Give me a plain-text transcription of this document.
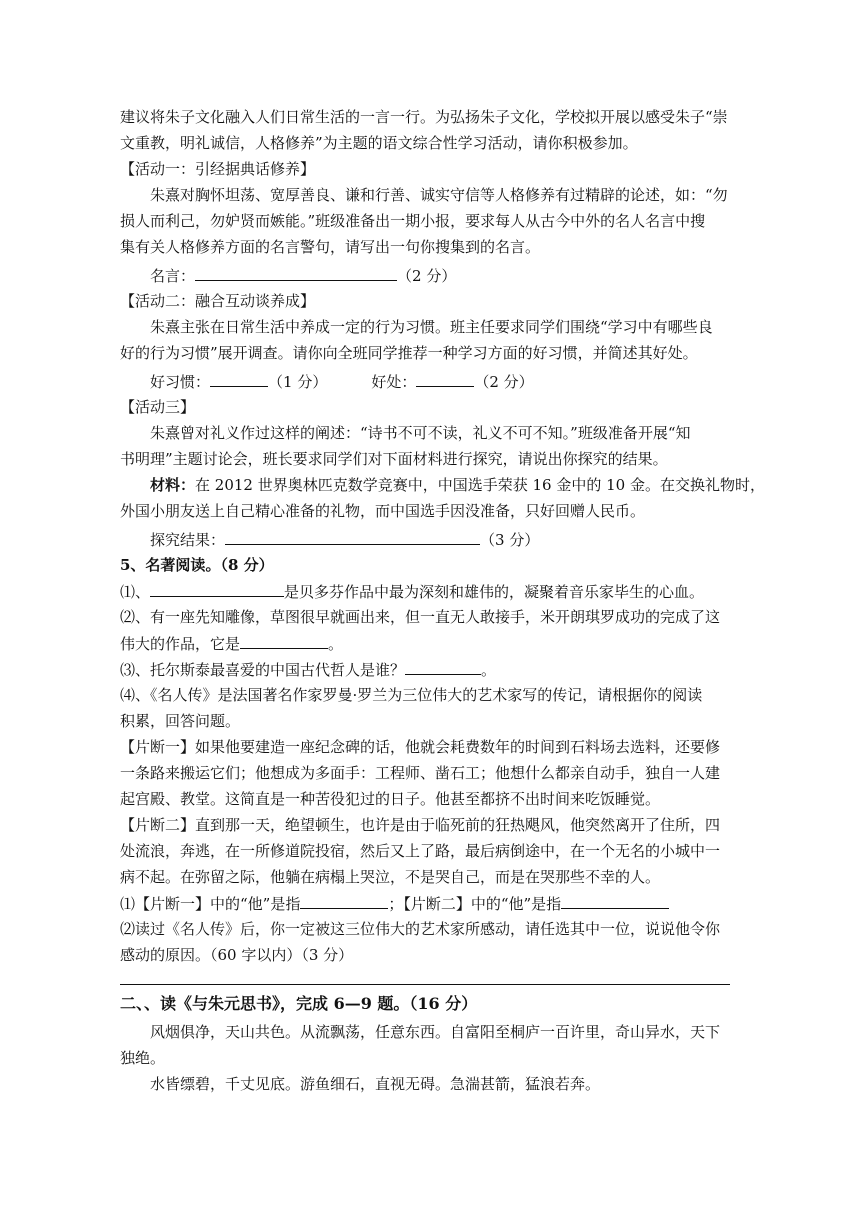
建议将朱子文化融入人们日常生活的一言一行。为弘扬朱子文化，学校拟开展以感受朱子“崇
文重教，明礼诚信，人格修养”为主题的语文综合性学习活动，请你积极参加。
【活动一：引经据典话修养】
朱熹对胸怀坦荡、宽厚善良、谦和行善、诚实守信等人格修养有过精辟的论述，如：“勿
损人而利己，勿妒贤而嫉能。”班级准备出一期小报，要求每人从古今中外的名人名言中搜
集有关人格修养方面的名言警句，请写出一句你搜集到的名言。
名言：	（2 分）
【活动二：融合互动谈养成】
朱熹主张在日常生活中养成一定的行为习惯。班主任要求同学们围绕“学习中有哪些良
好的行为习惯”展开调查。请你向全班同学推荐一种学习方面的好习惯，并简述其好处。
好习惯：	（1 分）	好处：	（2 分）
【活动三】
朱熹曾对礼义作过这样的阐述：“诗书不可不读，礼义不可不知。”班级准备开展“知
书明理”主题讨论会，班长要求同学们对下面材料进行探究，请说出你探究的结果。
材料：在 2012 世界奥林匹克数学竞赛中，中国选手荣获 16 金中的 10 金。在交换礼物时，
外国小朋友送上自己精心准备的礼物，而中国选手因没准备，只好回赠人民币。
探究结果：	（3 分）
5、名著阅读。（8 分）
⑴、	是贝多芬作品中最为深刻和雄伟的，凝聚着音乐家毕生的心血。
⑵、有一座先知雕像，草图很早就画出来，但一直无人敢接手，米开朗琪罗成功的完成了这
伟大的作品，它是	。
⑶、托尔斯泰最喜爱的中国古代哲人是谁？	。
⑷、《名人传》是法国著名作家罗曼·罗兰为三位伟大的艺术家写的传记，请根据你的阅读
积累，回答问题。
【片断一】如果他要建造一座纪念碑的话，他就会耗费数年的时间到石料场去选料，还要修
一条路来搬运它们；他想成为多面手：工程师、凿石工；他想什么都亲自动手，独自一人建
起宫殿、教堂。这简直是一种苦役犯过的日子。他甚至都挤不出时间来吃饭睡觉。
【片断二】直到那一天，绝望顿生，也许是由于临死前的狂热飓风，他突然离开了住所，四
处流浪，奔逃，在一所修道院投宿，然后又上了路，最后病倒途中，在一个无名的小城中一
病不起。在弥留之际，他躺在病榻上哭泣，不是哭自己，而是在哭那些不幸的人。
⑴【片断一】中的“他”是指	；【片断二】中的“他”是指
⑵读过《名人传》后，你一定被这三位伟大的艺术家所感动，请任选其中一位，说说他令你
感动的原因。（60 字以内）（3 分）
二、、读《与朱元思书》，完成 6—9 题。（16 分）
风烟俱净，天山共色。从流飘荡，任意东西。自富阳至桐庐一百许里，奇山异水，天下
独绝。
水皆缥碧，千丈见底。游鱼细石，直视无碍。急湍甚箭，猛浪若奔。
